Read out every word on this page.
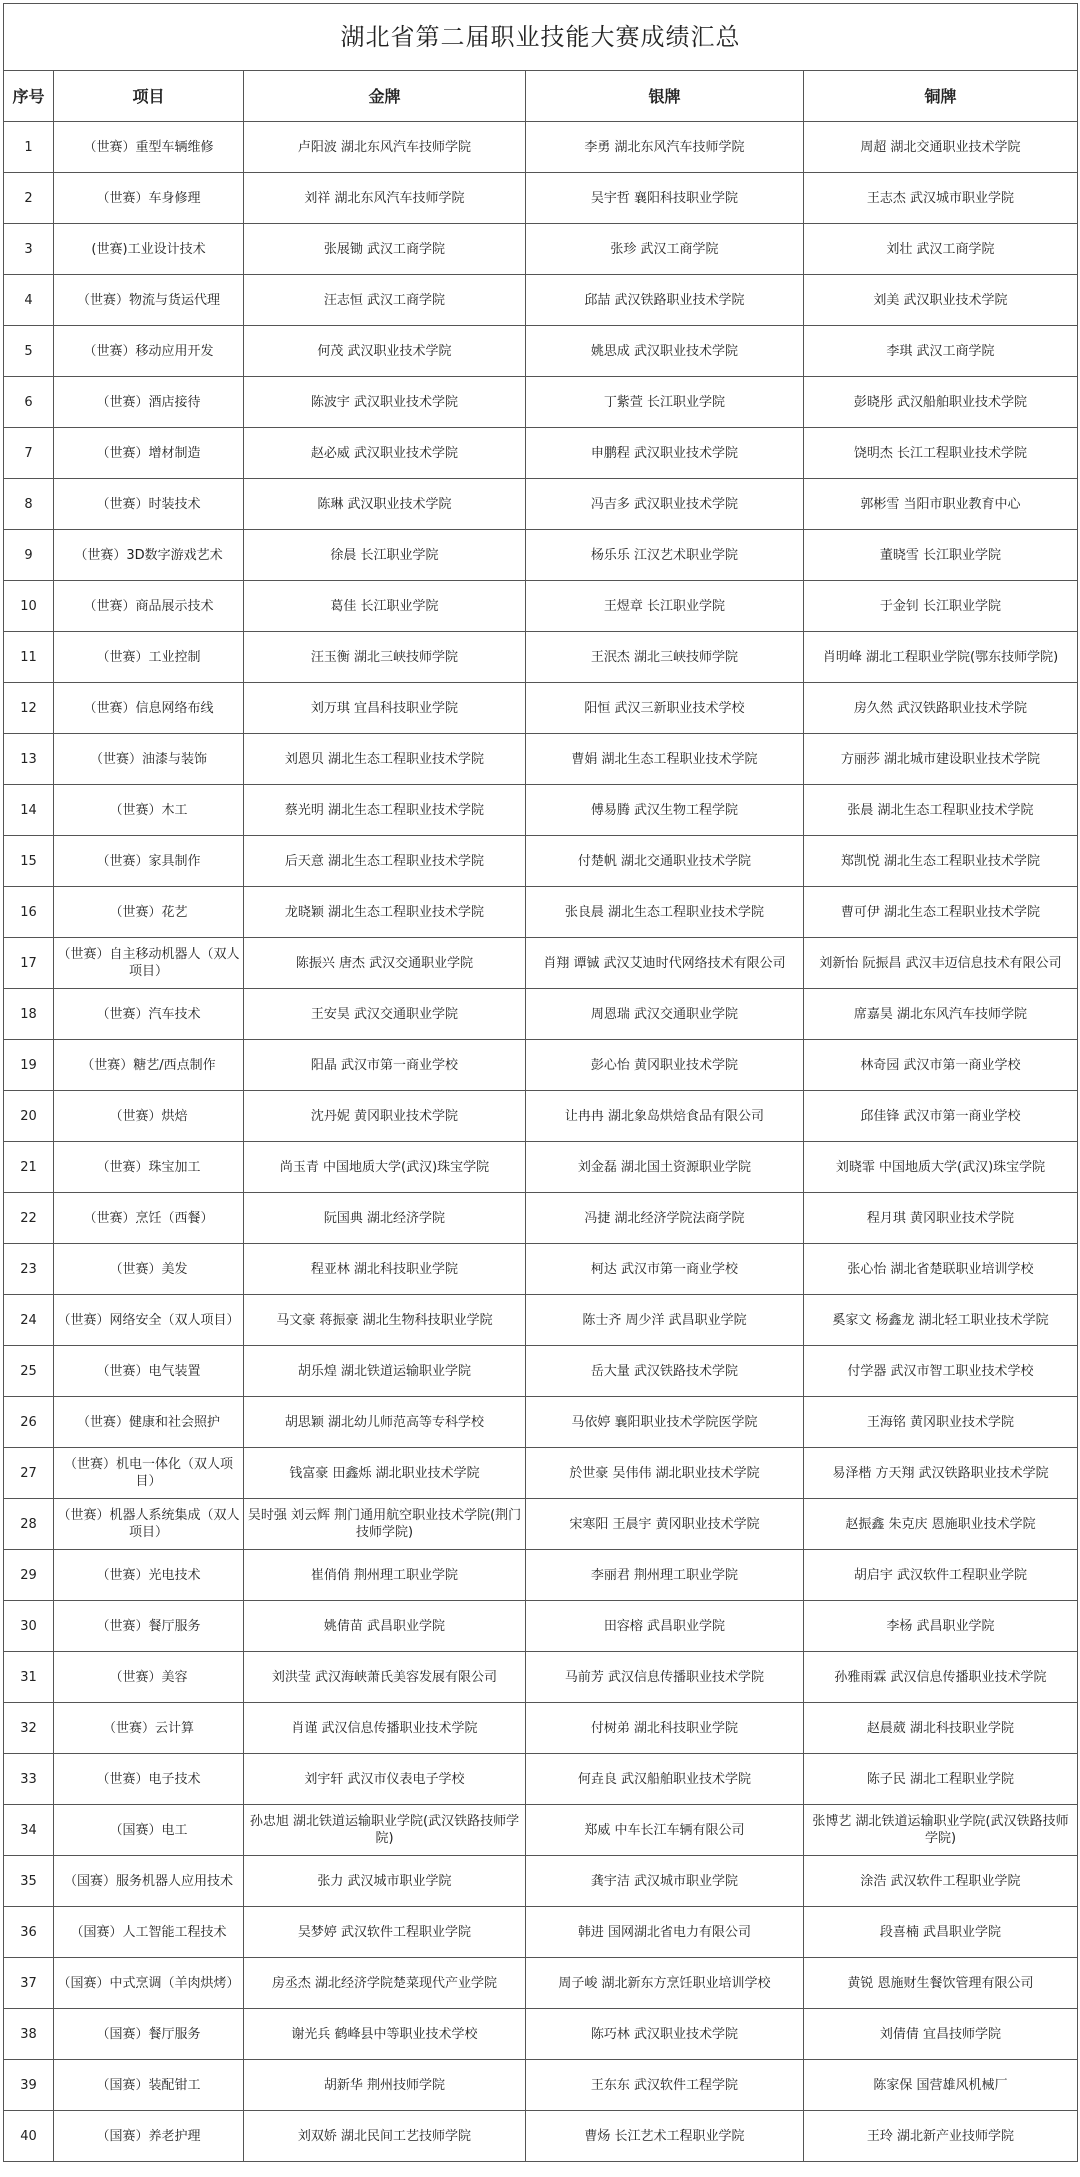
湖北省第二届职业技能大赛成绩汇总				
序号	项目	金牌	银牌	铜牌
1	（世赛）重型车辆维修	卢阳波 湖北东风汽车技师学院	李勇 湖北东风汽车技师学院	周超 湖北交通职业技术学院
2	（世赛）车身修理	刘祥 湖北东风汽车技师学院	吴宇哲 襄阳科技职业学院	王志杰 武汉城市职业学院
3	(世赛)工业设计技术	张展锄 武汉工商学院	张珍 武汉工商学院	刘壮 武汉工商学院
4	（世赛）物流与货运代理	汪志恒 武汉工商学院	邱喆 武汉铁路职业技术学院	刘美 武汉职业技术学院
5	（世赛）移动应用开发	何茂 武汉职业技术学院	姚思成 武汉职业技术学院	李琪 武汉工商学院
6	（世赛）酒店接待	陈波宇 武汉职业技术学院	丁紫萱 长江职业学院	彭晓彤 武汉船舶职业技术学院
7	（世赛）增材制造	赵必威 武汉职业技术学院	申鹏程 武汉职业技术学院	饶明杰 长江工程职业技术学院
8	（世赛）时装技术	陈琳 武汉职业技术学院	冯吉多 武汉职业技术学院	郭彬雪 当阳市职业教育中心
9	（世赛）3D数字游戏艺术	徐晨 长江职业学院	杨乐乐 江汉艺术职业学院	董晓雪 长江职业学院
10	（世赛）商品展示技术	葛佳 长江职业学院	王煜章 长江职业学院	于金钊 长江职业学院
11	（世赛）工业控制	汪玉衡 湖北三峡技师学院	王泯杰 湖北三峡技师学院	肖明峰 湖北工程职业学院(鄂东技师学院)
12	（世赛）信息网络布线	刘万琪 宜昌科技职业学院	阳恒 武汉三新职业技术学校	房久然 武汉铁路职业技术学院
13	（世赛）油漆与装饰	刘恩贝 湖北生态工程职业技术学院	曹娟 湖北生态工程职业技术学院	方丽莎 湖北城市建设职业技术学院
14	（世赛）木工	蔡光明 湖北生态工程职业技术学院	傅易腾 武汉生物工程学院	张晨 湖北生态工程职业技术学院
15	（世赛）家具制作	后天意 湖北生态工程职业技术学院	付楚帆 湖北交通职业技术学院	郑凯悦 湖北生态工程职业技术学院
16	（世赛）花艺	龙晓颖 湖北生态工程职业技术学院	张良晨 湖北生态工程职业技术学院	曹可伊 湖北生态工程职业技术学院
17	（世赛）自主移动机器人（双人项目）	陈振兴 唐杰 武汉交通职业学院	肖翔 谭铖 武汉艾迪时代网络技术有限公司	刘新怡 阮振昌 武汉丰迈信息技术有限公司
18	（世赛）汽车技术	王安昊 武汉交通职业学院	周恩瑞 武汉交通职业学院	席嘉昊 湖北东风汽车技师学院
19	（世赛）糖艺/西点制作	阳晶 武汉市第一商业学校	彭心怡 黄冈职业技术学院	林奇园 武汉市第一商业学校
20	（世赛）烘焙	沈丹妮 黄冈职业技术学院	让冉冉 湖北象岛烘焙食品有限公司	邱佳锋 武汉市第一商业学校
21	（世赛）珠宝加工	尚玉青 中国地质大学(武汉)珠宝学院	刘金磊 湖北国土资源职业学院	刘晓霏 中国地质大学(武汉)珠宝学院
22	（世赛）烹饪（西餐）	阮国典 湖北经济学院	冯捷 湖北经济学院法商学院	程月琪 黄冈职业技术学院
23	（世赛）美发	程亚林 湖北科技职业学院	柯达 武汉市第一商业学校	张心怡 湖北省楚联职业培训学校
24	（世赛）网络安全（双人项目）	马文豪 蒋振豪 湖北生物科技职业学院	陈士齐 周少洋 武昌职业学院	奚家文 杨鑫龙 湖北轻工职业技术学院
25	（世赛）电气装置	胡乐煌 湖北铁道运输职业学院	岳大量 武汉铁路技术学院	付学器 武汉市智工职业技术学校
26	（世赛）健康和社会照护	胡思颖 湖北幼儿师范高等专科学校	马依婷 襄阳职业技术学院医学院	王海铭 黄冈职业技术学院
27	（世赛）机电一体化（双人项目）	钱富豪 田鑫烁 湖北职业技术学院	於世豪 吴伟伟 湖北职业技术学院	易泽楷 方天翔 武汉铁路职业技术学院
28	（世赛）机器人系统集成（双人项目）	吴时强 刘云辉 荆门通用航空职业技术学院(荆门技师学院)	宋寒阳 王晨宇 黄冈职业技术学院	赵振鑫 朱克庆 恩施职业技术学院
29	（世赛）光电技术	崔俏俏 荆州理工职业学院	李丽君 荆州理工职业学院	胡启宇 武汉软件工程职业学院
30	（世赛）餐厅服务	姚倩苗 武昌职业学院	田容榕 武昌职业学院	李杨 武昌职业学院
31	（世赛）美容	刘洪莹 武汉海峡萧氏美容发展有限公司	马前芳 武汉信息传播职业技术学院	孙雅雨霖 武汉信息传播职业技术学院
32	（世赛）云计算	肖谨 武汉信息传播职业技术学院	付树弟 湖北科技职业学院	赵晨葳 湖北科技职业学院
33	（世赛）电子技术	刘宇轩 武汉市仪表电子学校	何垚良 武汉船舶职业技术学院	陈子民 湖北工程职业学院
34	（国赛）电工	孙忠旭 湖北铁道运输职业学院(武汉铁路技师学院)	郑威 中车长江车辆有限公司	张博艺 湖北铁道运输职业学院(武汉铁路技师学院)
35	（国赛）服务机器人应用技术	张力 武汉城市职业学院	龚宇洁 武汉城市职业学院	涂浩 武汉软件工程职业学院
36	（国赛）人工智能工程技术	吴梦婷 武汉软件工程职业学院	韩进 国网湖北省电力有限公司	段喜楠 武昌职业学院
37	（国赛）中式烹调（羊肉烘烤）	房丞杰 湖北经济学院楚菜现代产业学院	周子峻 湖北新东方烹饪职业培训学校	黄锐 恩施财生餐饮管理有限公司
38	（国赛）餐厅服务	谢光兵 鹤峰县中等职业技术学校	陈巧林 武汉职业技术学院	刘倩倩 宜昌技师学院
39	（国赛）装配钳工	胡新华 荆州技师学院	王东东 武汉软件工程学院	陈家保 国营雄风机械厂
40	（国赛）养老护理	刘双娇 湖北民间工艺技师学院	曹炀 长江艺术工程职业学院	王玲 湖北新产业技师学院
